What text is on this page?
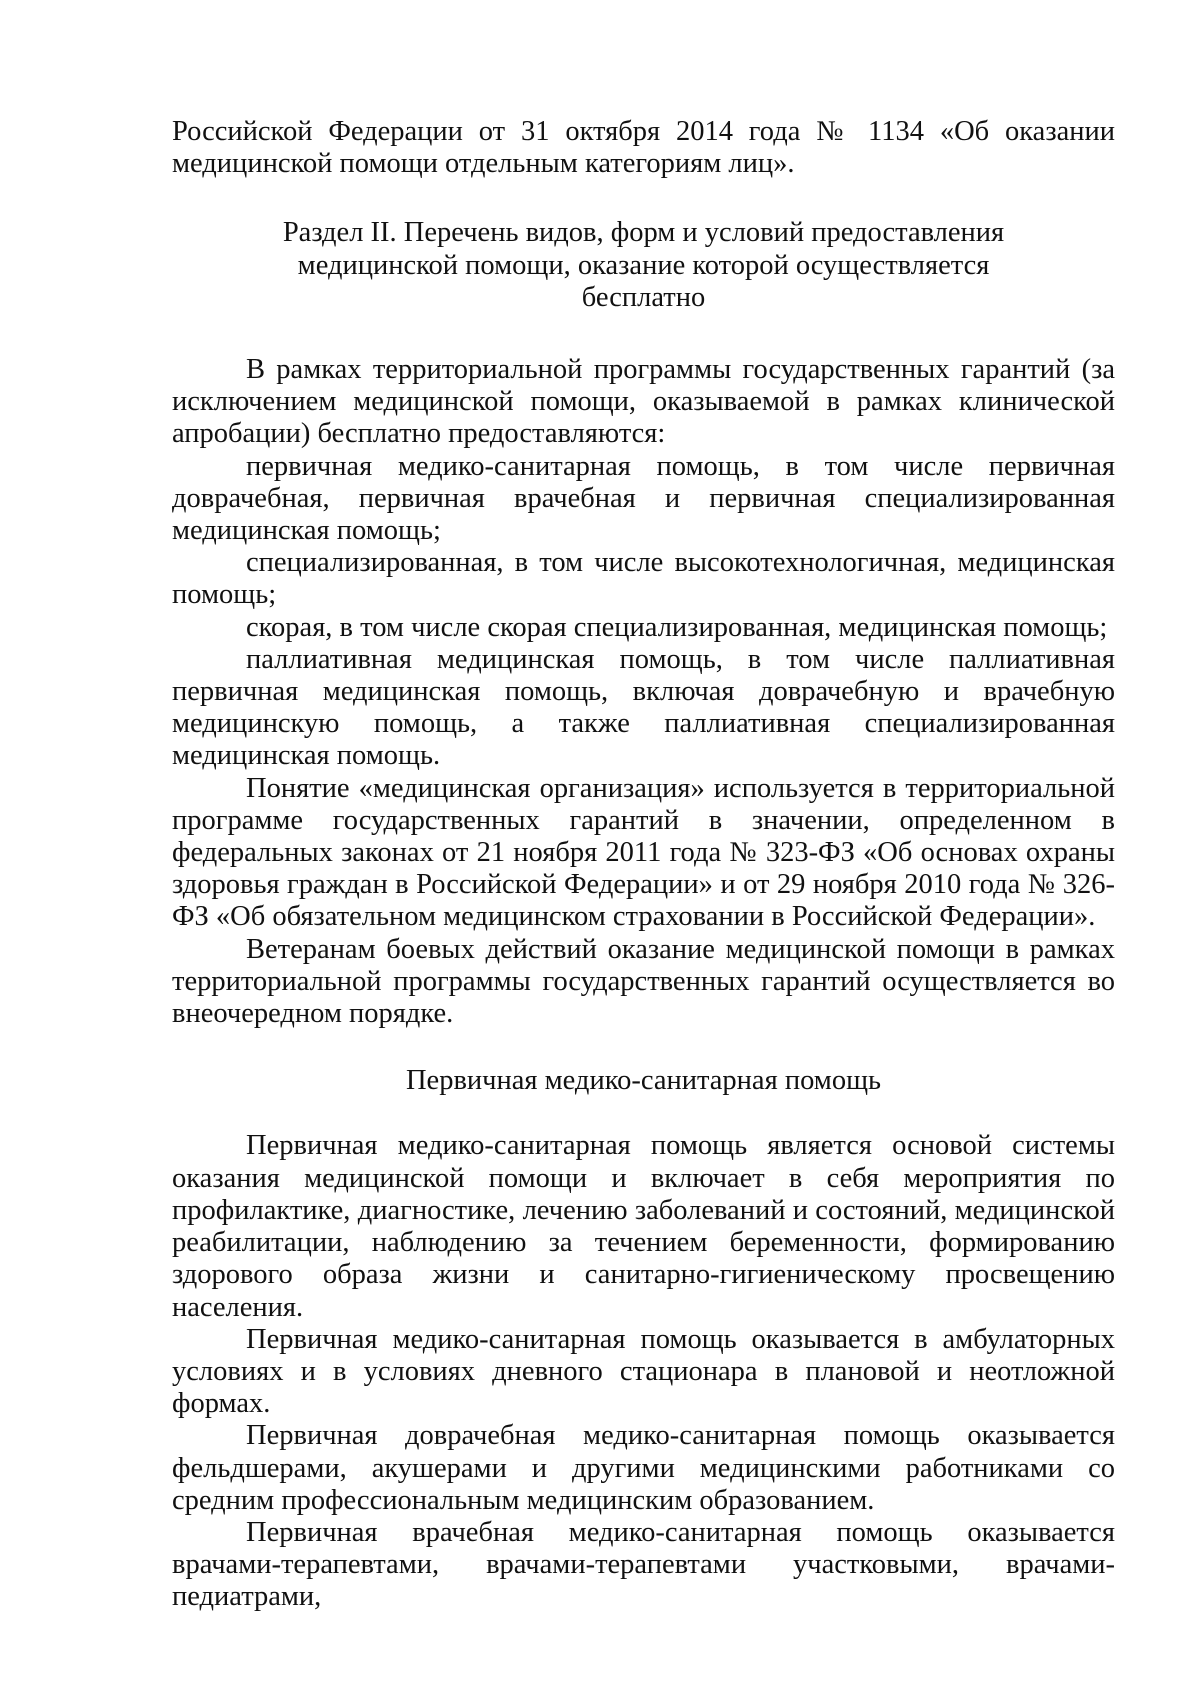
Российской Федерации от 31 октября 2014 года № 1134 «Об оказании медицинской помощи отдельным категориям лиц».

Раздел II. Перечень видов, форм и условий предоставления
медицинской помощи, оказание которой осуществляется
бесплатно

В рамках территориальной программы государственных гарантий (за исключением медицинской помощи, оказываемой в рамках клинической апробации) бесплатно предоставляются:

первичная медико-санитарная помощь, в том числе первичная доврачебная, первичная врачебная и первичная специализированная медицинская помощь;

специализированная, в том числе высокотехнологичная, медицинская помощь;

скорая, в том числе скорая специализированная, медицинская помощь;

паллиативная медицинская помощь, в том числе паллиативная первичная медицинская помощь, включая доврачебную и врачебную медицинскую помощь, а также паллиативная специализированная медицинская помощь.

Понятие «медицинская организация» используется в территориальной программе государственных гарантий в значении, определенном в федеральных законах от 21 ноября 2011 года № 323-ФЗ «Об основах охраны здоровья граждан в Российской Федерации» и от 29 ноября 2010 года № 326-ФЗ «Об обязательном медицинском страховании в Российской Федерации».

Ветеранам боевых действий оказание медицинской помощи в рамках территориальной программы государственных гарантий осуществляется во внеочередном порядке.

Первичная медико-санитарная помощь

Первичная медико-санитарная помощь является основой системы оказания медицинской помощи и включает в себя мероприятия по профилактике, диагностике, лечению заболеваний и состояний, медицинской реабилитации, наблюдению за течением беременности, формированию здорового образа жизни и санитарно-гигиеническому просвещению населения.

Первичная медико-санитарная помощь оказывается в амбулаторных условиях и в условиях дневного стационара в плановой и неотложной формах.

Первичная доврачебная медико-санитарная помощь оказывается фельдшерами, акушерами и другими медицинскими работниками со средним профессиональным медицинским образованием.

Первичная врачебная медико-санитарная помощь оказывается врачами-терапевтами, врачами-терапевтами участковыми, врачами-педиатрами,
